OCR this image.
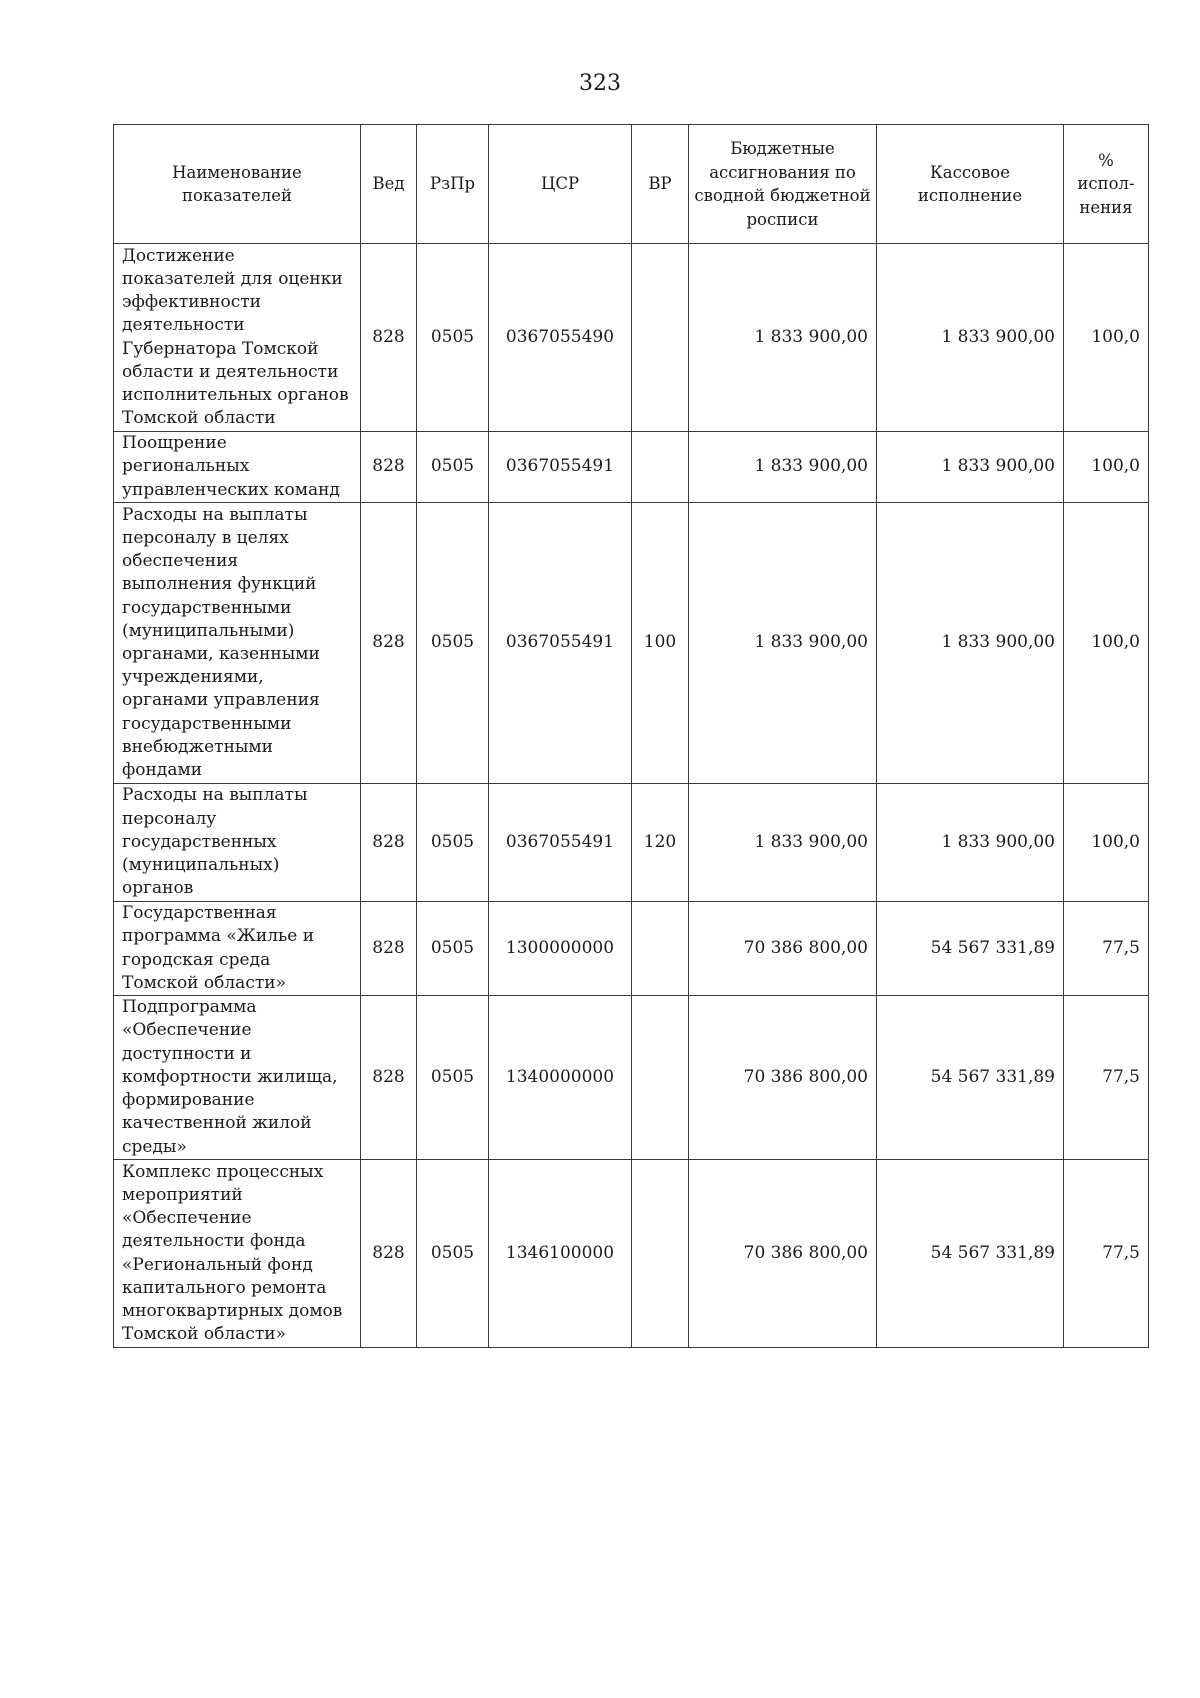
323
Наименование показателей	Вед	РзПр	ЦСР	ВР	Бюджетные ассигнования по сводной бюджетной росписи	Кассовое исполнение	% испол-нения
Достижение показателей для оценки эффективности деятельности Губернатора Томской области и деятельности исполнительных органов Томской области	828	0505	0367055490		1 833 900,00	1 833 900,00	100,0
Поощрение региональных управленческих команд	828	0505	0367055491		1 833 900,00	1 833 900,00	100,0
Расходы на выплаты персоналу в целях обеспечения выполнения функций государственными (муниципальными) органами, казенными учреждениями, органами управления государственными внебюджетными фондами	828	0505	0367055491	100	1 833 900,00	1 833 900,00	100,0
Расходы на выплаты персоналу государственных (муниципальных) органов	828	0505	0367055491	120	1 833 900,00	1 833 900,00	100,0
Государственная программа «Жилье и городская среда Томской области»	828	0505	1300000000		70 386 800,00	54 567 331,89	77,5
Подпрограмма «Обеспечение доступности и комфортности жилища, формирование качественной жилой среды»	828	0505	1340000000		70 386 800,00	54 567 331,89	77,5
Комплекс процессных мероприятий «Обеспечение деятельности фонда «Региональный фонд капитального ремонта многоквартирных домов Томской области»	828	0505	1346100000		70 386 800,00	54 567 331,89	77,5
